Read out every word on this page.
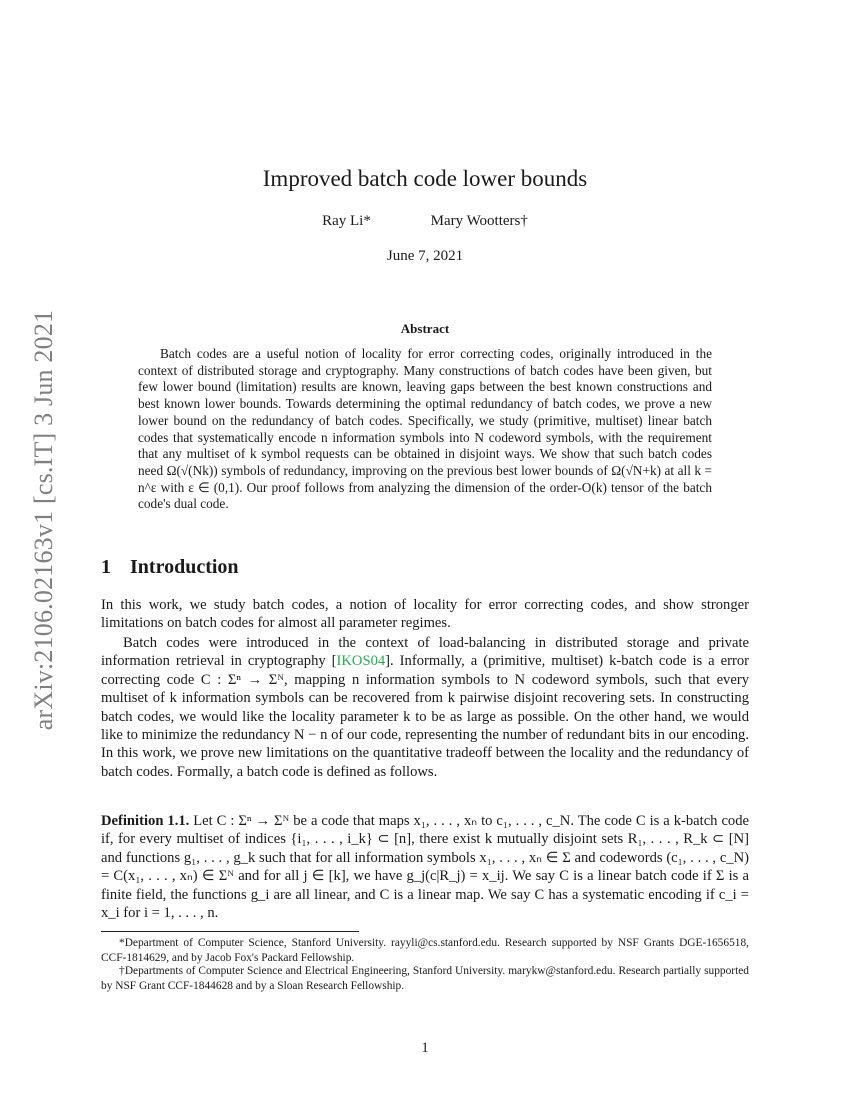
arXiv:2106.02163v1 [cs.IT] 3 Jun 2021
Improved batch code lower bounds
Ray Li*	Mary Wootters†
June 7, 2021
Abstract
Batch codes are a useful notion of locality for error correcting codes, originally introduced in the context of distributed storage and cryptography. Many constructions of batch codes have been given, but few lower bound (limitation) results are known, leaving gaps between the best known constructions and best known lower bounds. Towards determining the optimal redundancy of batch codes, we prove a new lower bound on the redundancy of batch codes. Specifically, we study (primitive, multiset) linear batch codes that systematically encode n information symbols into N codeword symbols, with the requirement that any multiset of k symbol requests can be obtained in disjoint ways. We show that such batch codes need Ω(√(Nk)) symbols of redundancy, improving on the previous best lower bounds of Ω(√N+k) at all k = n^ε with ε ∈ (0,1). Our proof follows from analyzing the dimension of the order-O(k) tensor of the batch code's dual code.
1 Introduction
In this work, we study batch codes, a notion of locality for error correcting codes, and show stronger limitations on batch codes for almost all parameter regimes.
Batch codes were introduced in the context of load-balancing in distributed storage and private information retrieval in cryptography [IKOS04]. Informally, a (primitive, multiset) k-batch code is a error correcting code C : Σⁿ → Σᴺ, mapping n information symbols to N codeword symbols, such that every multiset of k information symbols can be recovered from k pairwise disjoint recovering sets. In constructing batch codes, we would like the locality parameter k to be as large as possible. On the other hand, we would like to minimize the redundancy N − n of our code, representing the number of redundant bits in our encoding. In this work, we prove new limitations on the quantitative tradeoff between the locality and the redundancy of batch codes. Formally, a batch code is defined as follows.
Definition 1.1. Let C : Σⁿ → Σᴺ be a code that maps x₁, . . . , xₙ to c₁, . . . , c_N. The code C is a k-batch code if, for every multiset of indices {i₁, . . . , i_k} ⊂ [n], there exist k mutually disjoint sets R₁, . . . , R_k ⊂ [N] and functions g₁, . . . , g_k such that for all information symbols x₁, . . . , xₙ ∈ Σ and codewords (c₁, . . . , c_N) = C(x₁, . . . , xₙ) ∈ Σᴺ and for all j ∈ [k], we have g_j(c|R_j) = x_ij. We say C is a linear batch code if Σ is a finite field, the functions g_i are all linear, and C is a linear map. We say C has a systematic encoding if c_i = x_i for i = 1, . . . , n.
*Department of Computer Science, Stanford University. rayyli@cs.stanford.edu. Research supported by NSF Grants DGE-1656518, CCF-1814629, and by Jacob Fox's Packard Fellowship.
†Departments of Computer Science and Electrical Engineering, Stanford University. marykw@stanford.edu. Research partially supported by NSF Grant CCF-1844628 and by a Sloan Research Fellowship.
1
